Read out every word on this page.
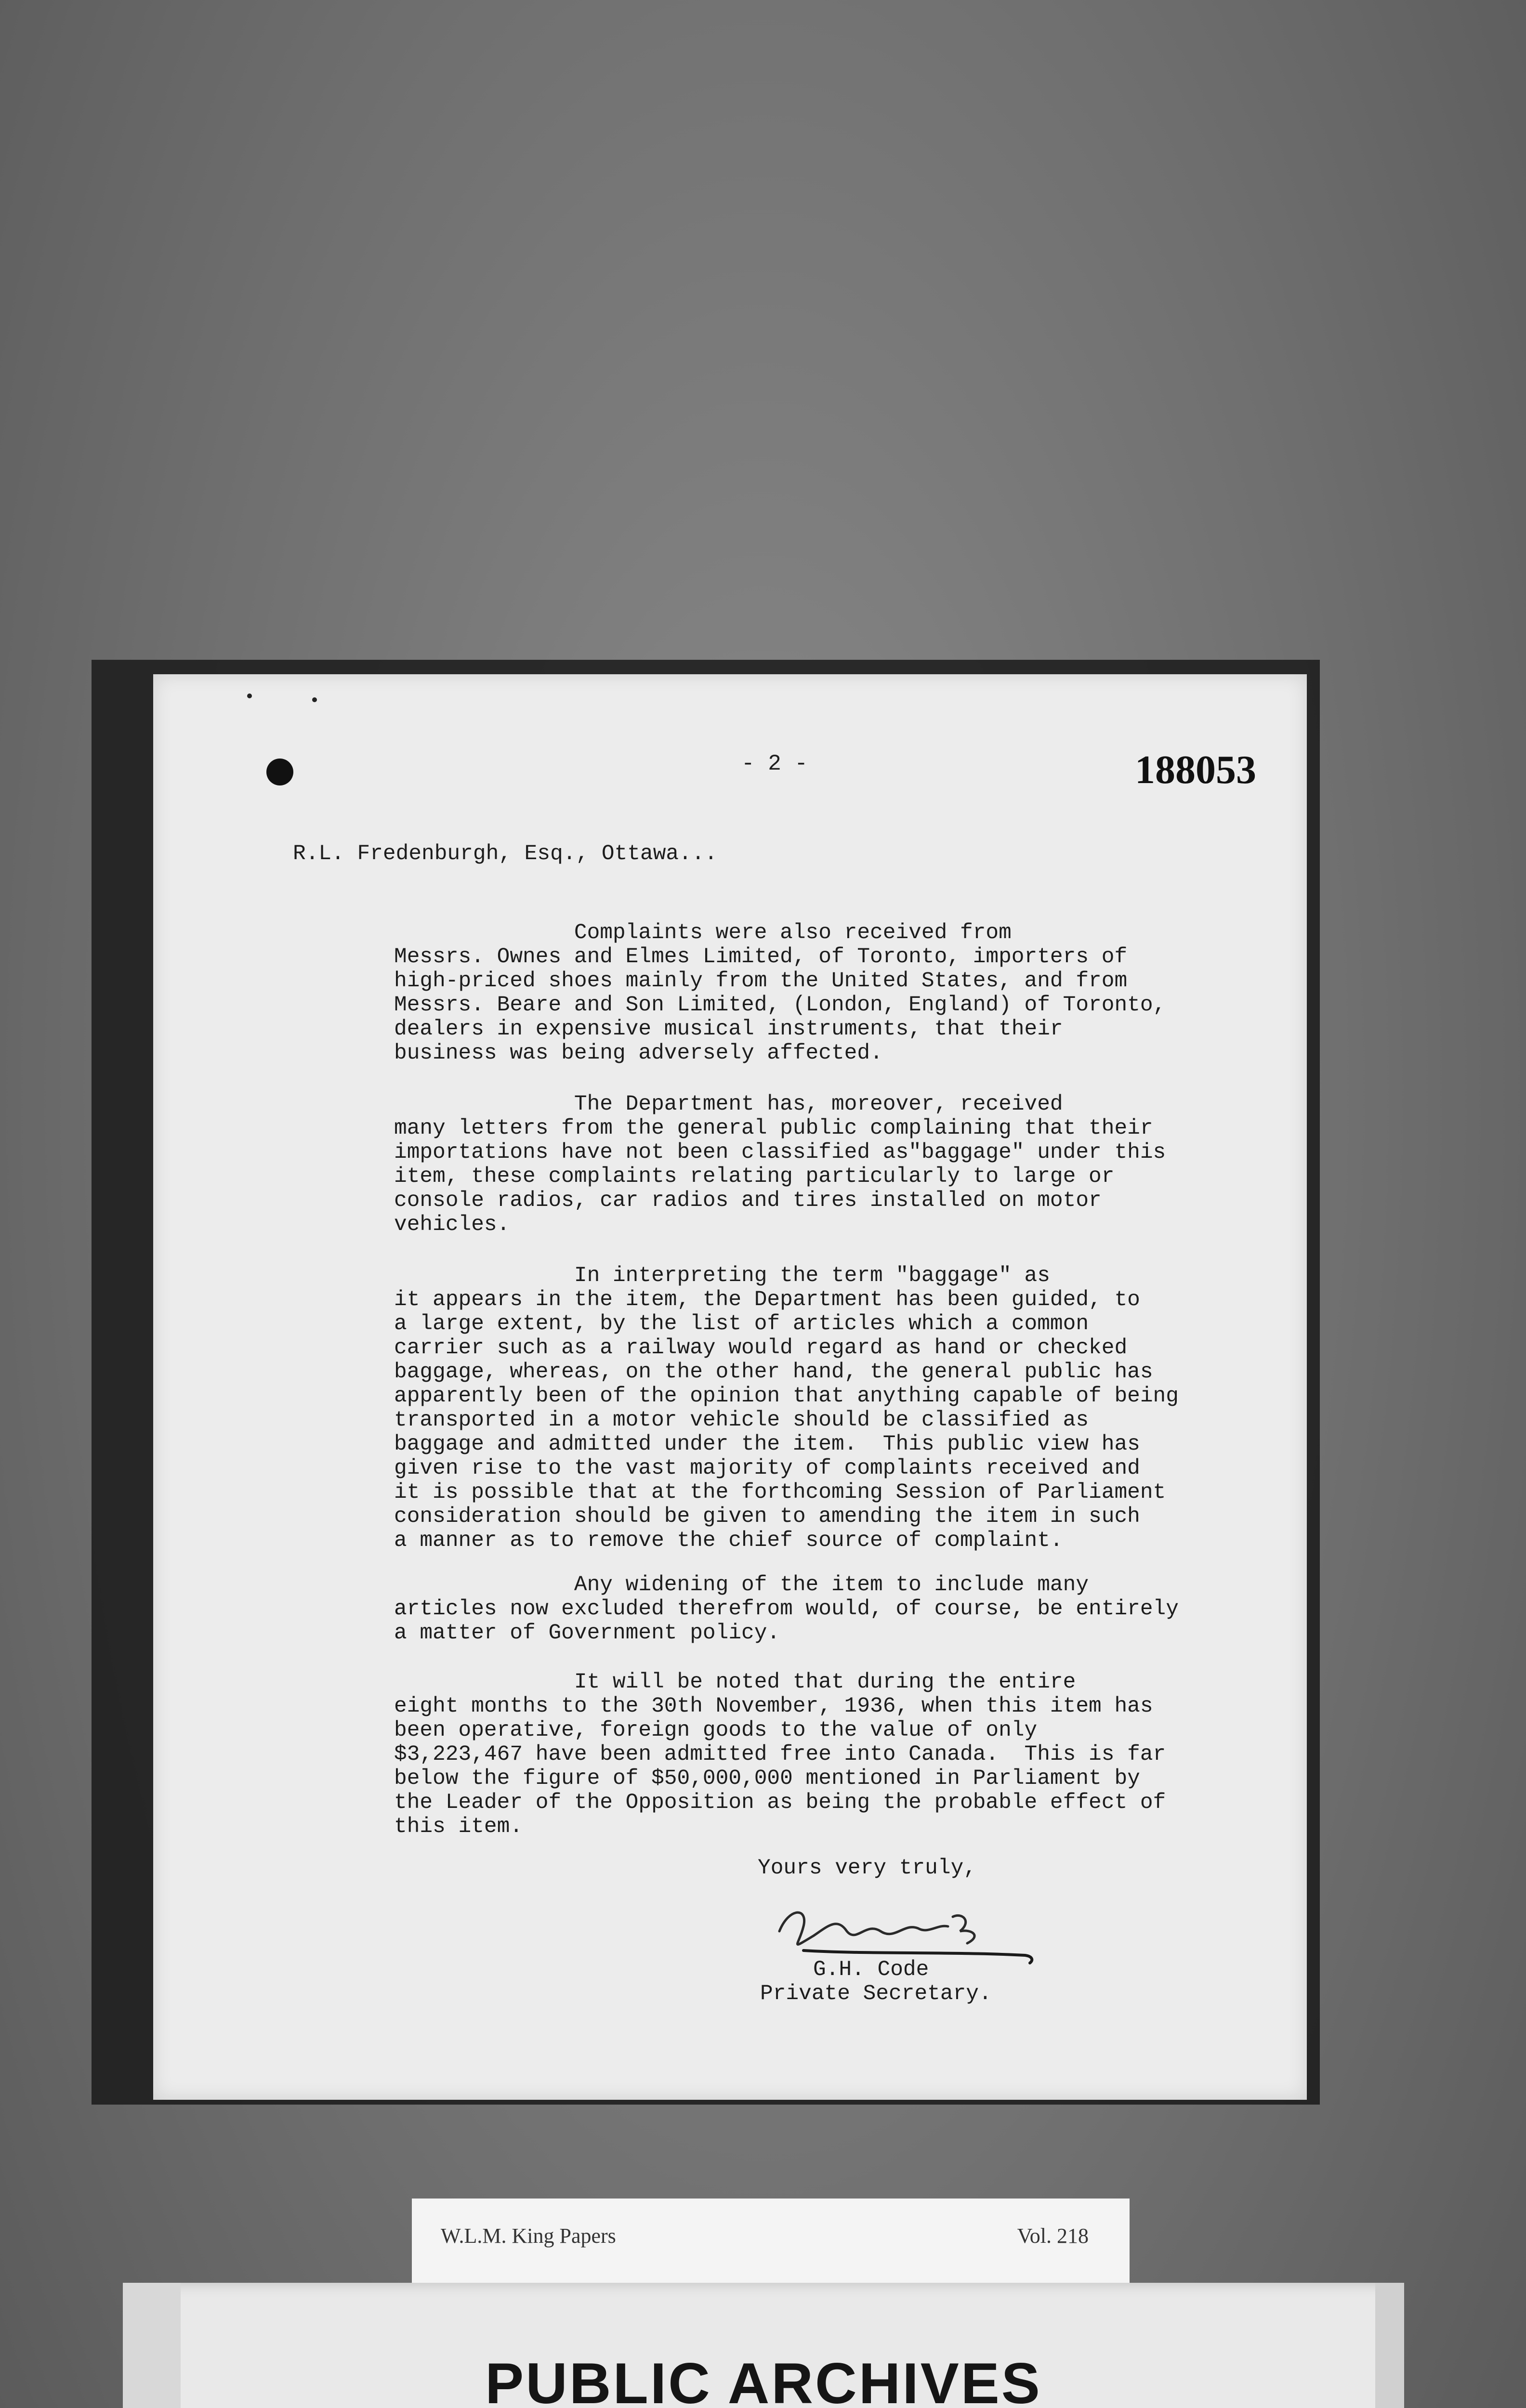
- 2 -	188053
R.L. Fredenburgh, Esq., Ottawa...
Complaints were also received from
Messrs. Ownes and Elmes Limited, of Toronto, importers of
high-priced shoes mainly from the United States, and from
Messrs. Beare and Son Limited, (London, England) of Toronto,
dealers in expensive musical instruments, that their
business was being adversely affected.
The Department has, moreover, received
many letters from the general public complaining that their
importations have not been classified as"baggage" under this
item, these complaints relating particularly to large or
console radios, car radios and tires installed on motor
vehicles.
In interpreting the term "baggage" as
it appears in the item, the Department has been guided, to
a large extent, by the list of articles which a common
carrier such as a railway would regard as hand or checked
baggage, whereas, on the other hand, the general public has
apparently been of the opinion that anything capable of being
transported in a motor vehicle should be classified as
baggage and admitted under the item.  This public view has
given rise to the vast majority of complaints received and
it is possible that at the forthcoming Session of Parliament
consideration should be given to amending the item in such
a manner as to remove the chief source of complaint.
Any widening of the item to include many
articles now excluded therefrom would, of course, be entirely
a matter of Government policy.
It will be noted that during the entire
eight months to the 30th November, 1936, when this item has
been operative, foreign goods to the value of only
$3,223,467 have been admitted free into Canada.  This is far
below the figure of $50,000,000 mentioned in Parliament by
the Leader of the Opposition as being the probable effect of
this item.
Yours very truly,
G.H. Code
Private Secretary.
W.L.M. King Papers	Vol. 218
PUBLIC ARCHIVES
